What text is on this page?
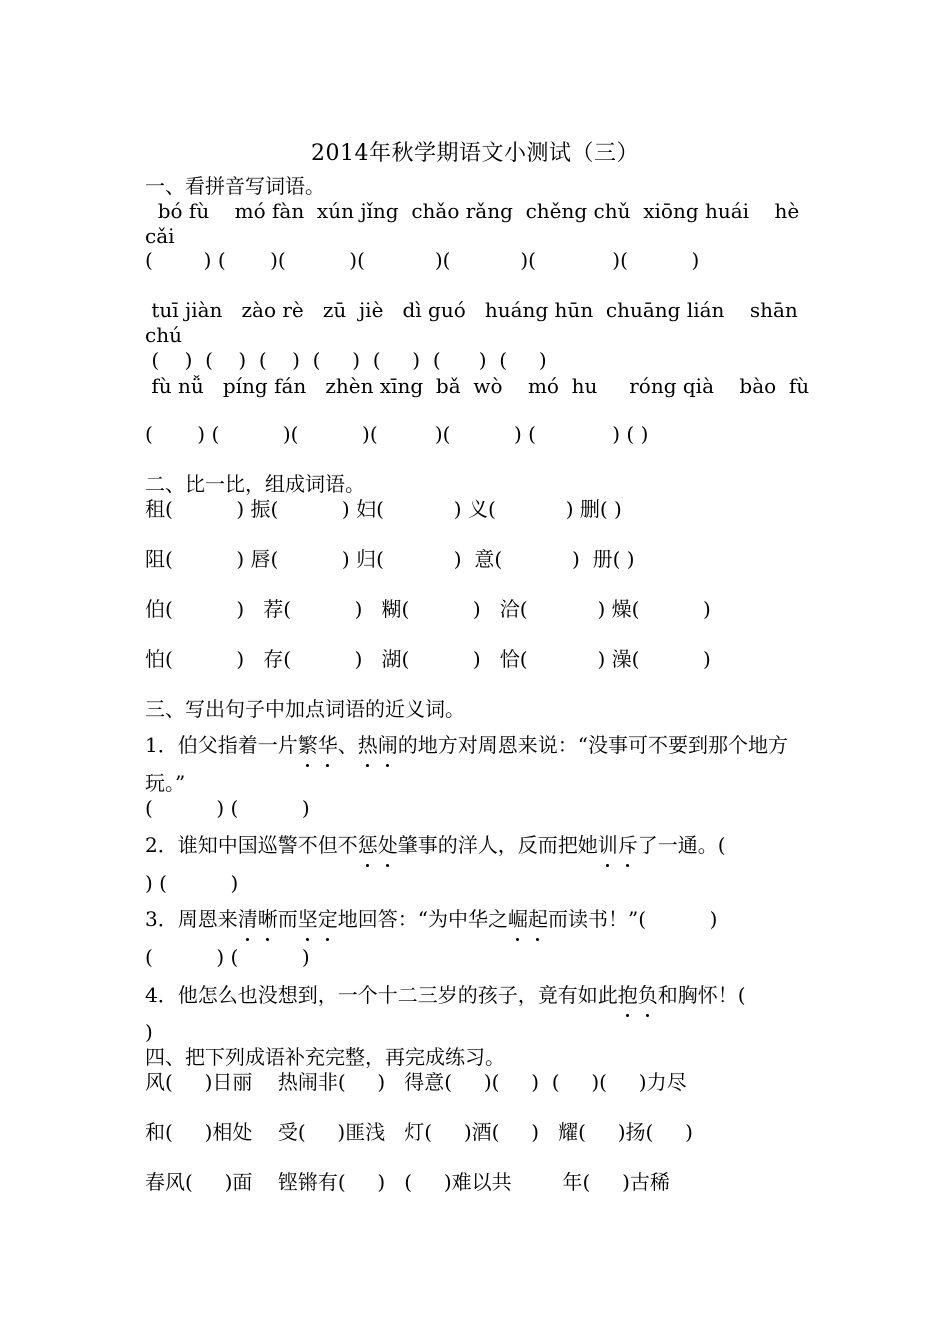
2014年秋学期语文小测试（三）
一、看拼音写词语。
bó fù    mó fàn  xún jǐng  chǎo rǎng  chěng chǔ  xiōng huái    hè cǎi
(        ) (       )(          )(           )(           )(            )(          )
tuī jiàn   zào rè   zū  jiè   dì guó   huáng hūn  chuāng lián    shān chú
(    )  (    )  (    )  (     )  (     )  (      )  (     )
fù nǚ   píng fán   zhèn xīng  bǎ  wò    mó  hu     róng qià    bào  fù
(       ) (          )(          )(         )(          ) (            ) ( )
二、比一比，组成词语。
租(          ) 振(          ) 妇(           ) 义(           ) 删( )
阻(          ) 唇(          ) 归(           )  意(           )  册( )
伯(          )   荐(          )   糊(          )   洽(           ) 燥(          )
怕(          )   存(          )   湖(          )   恰(           ) 澡(          )
三、写出句子中加点词语的近义词。
1．伯父指着一片繁华、热闹的地方对周恩来说：“没事可不要到那个地方玩。”
(          ) (          )
2．谁知中国巡警不但不惩处肇事的洋人，反而把她训斥了一通。(
) (          )
3．周恩来清晰而坚定地回答：“为中华之崛起而读书！”(          )
(          ) (          )
4．他怎么也没想到，一个十二三岁的孩子，竟有如此抱负和胸怀！(
)
四、把下列成语补充完整，再完成练习。
风(     )日丽    热闹非(     )   得意(     )(     )  (     )(     )力尽
和(     )相处    受(     )匪浅   灯(     )酒(     )   耀(     )扬(     )
春风(     )面    铿锵有(     )   (     )难以共        年(     )古稀
